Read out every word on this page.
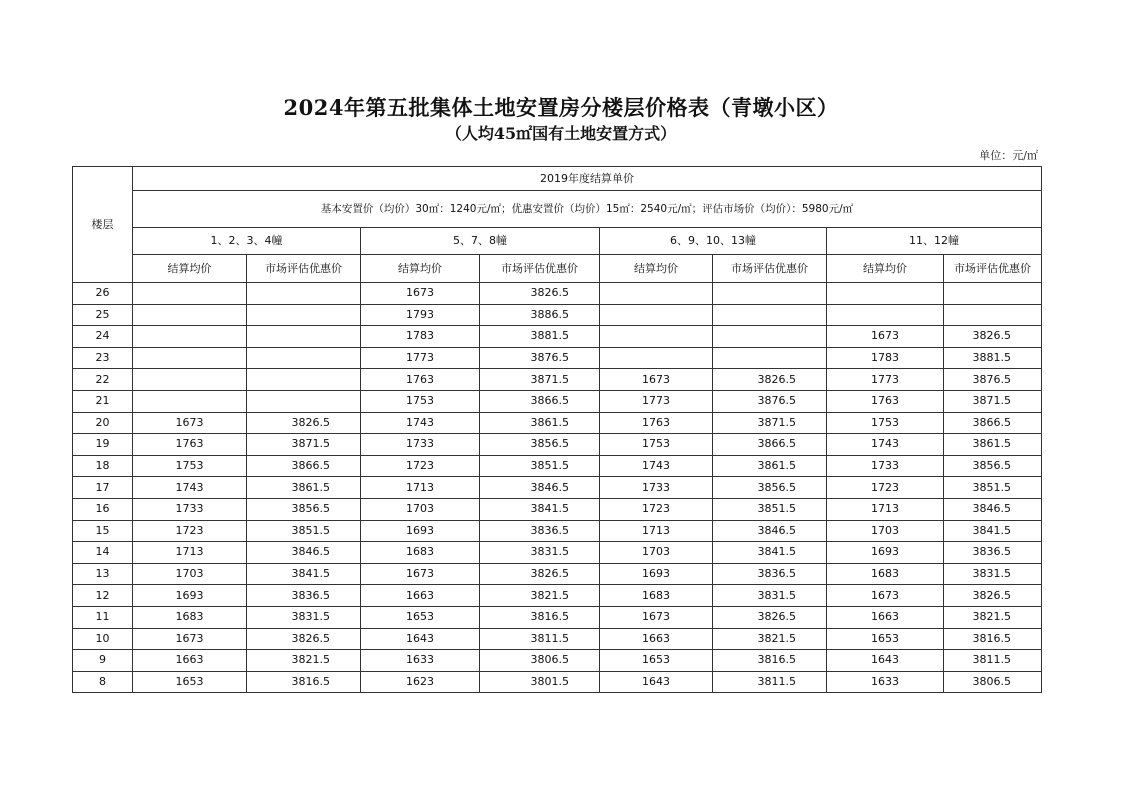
2024年第五批集体土地安置房分楼层价格表（青墩小区）
（人均45㎡国有土地安置方式）
单位：元/㎡
楼层	2019年度结算单价							
	基本安置价（均价）30㎡：1240元/㎡；优惠安置价（均价）15㎡：2540元/㎡；评估市场价（均价）：5980元/㎡							
	1、2、3、4幢		5、7、8幢		6、9、10、13幢		11、12幢	
	结算均价	市场评估优惠价	结算均价	市场评估优惠价	结算均价	市场评估优惠价	结算均价	市场评估优惠价
26			1673	3826.5				
25			1793	3886.5				
24			1783	3881.5			1673	3826.5
23			1773	3876.5			1783	3881.5
22			1763	3871.5	1673	3826.5	1773	3876.5
21			1753	3866.5	1773	3876.5	1763	3871.5
20	1673	3826.5	1743	3861.5	1763	3871.5	1753	3866.5
19	1763	3871.5	1733	3856.5	1753	3866.5	1743	3861.5
18	1753	3866.5	1723	3851.5	1743	3861.5	1733	3856.5
17	1743	3861.5	1713	3846.5	1733	3856.5	1723	3851.5
16	1733	3856.5	1703	3841.5	1723	3851.5	1713	3846.5
15	1723	3851.5	1693	3836.5	1713	3846.5	1703	3841.5
14	1713	3846.5	1683	3831.5	1703	3841.5	1693	3836.5
13	1703	3841.5	1673	3826.5	1693	3836.5	1683	3831.5
12	1693	3836.5	1663	3821.5	1683	3831.5	1673	3826.5
11	1683	3831.5	1653	3816.5	1673	3826.5	1663	3821.5
10	1673	3826.5	1643	3811.5	1663	3821.5	1653	3816.5
9	1663	3821.5	1633	3806.5	1653	3816.5	1643	3811.5
8	1653	3816.5	1623	3801.5	1643	3811.5	1633	3806.5
